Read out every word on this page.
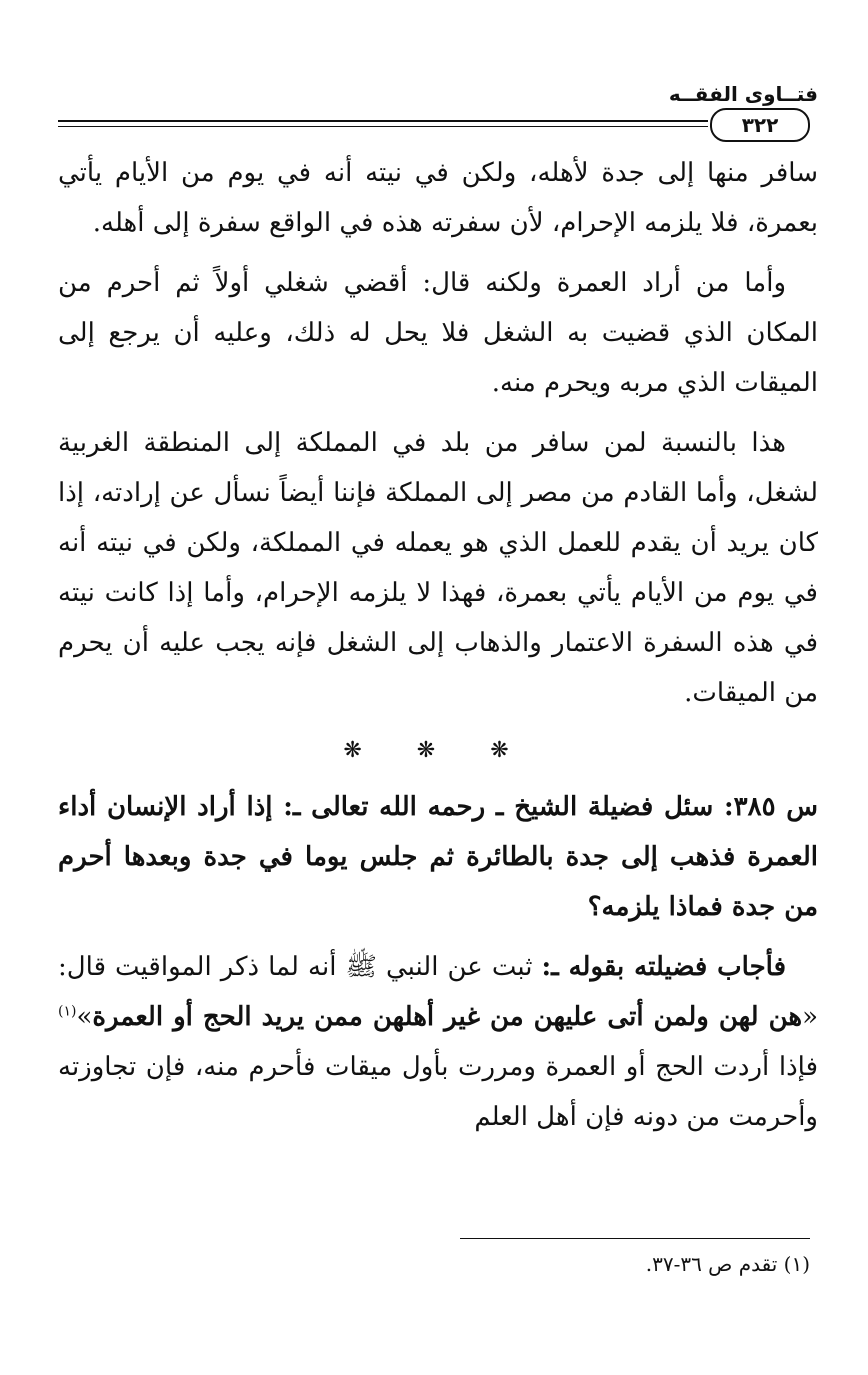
فتــاوى الفقــه
٣٢٢

سافر منها إلى جدة لأهله، ولكن في نيته أنه في يوم من الأيام يأتي بعمرة، فلا يلزمه الإحرام، لأن سفرته هذه في الواقع سفرة إلى أهله.

وأما من أراد العمرة ولكنه قال: أقضي شغلي أولاً ثم أحرم من المكان الذي قضيت به الشغل فلا يحل له ذلك، وعليه أن يرجع إلى الميقات الذي مربه ويحرم منه.

هذا بالنسبة لمن سافر من بلد في المملكة إلى المنطقة الغربية لشغل، وأما القادم من مصر إلى المملكة فإننا أيضاً نسأل عن إرادته، إذا كان يريد أن يقدم للعمل الذي هو يعمله في المملكة، ولكن في نيته أنه في يوم من الأيام يأتي بعمرة، فهذا لا يلزمه الإحرام، وأما إذا كانت نيته في هذه السفرة الاعتمار والذهاب إلى الشغل فإنه يجب عليه أن يحرم من الميقات.

❋ ❋ ❋

س ٣٨٥: سئل فضيلة الشيخ ـ رحمه الله تعالى ـ: إذا أراد الإنسان أداء العمرة فذهب إلى جدة بالطائرة ثم جلس يوما في جدة وبعدها أحرم من جدة فماذا يلزمه؟

فأجاب فضيلته بقوله ـ: ثبت عن النبي ﷺ أنه لما ذكر المواقيت قال: «هن لهن ولمن أتى عليهن من غير أهلهن ممن يريد الحج أو العمرة»$^{(١)}$ فإذا أردت الحج أو العمرة ومررت بأول ميقات فأحرم منه، فإن تجاوزته وأحرمت من دونه فإن أهل العلم

(١) تقدم ص ٣٦-٣٧.
